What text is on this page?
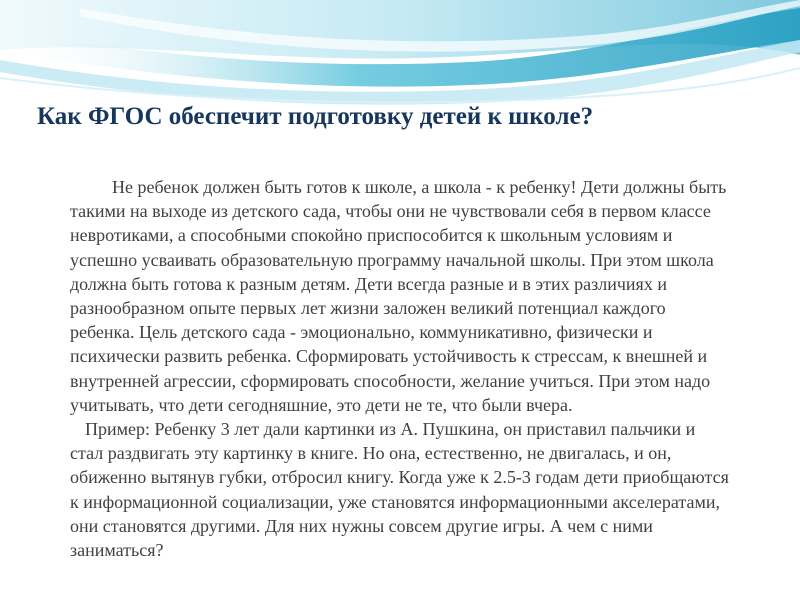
Как ФГОС обеспечит подготовку детей к школе?

Не ребенок должен быть готов к школе, а школа - к ребенку! Дети должны быть такими на выходе из детского сада, чтобы они не чувствовали себя в первом классе невротиками, а способными спокойно приспособится к школьным условиям и успешно усваивать образовательную программу начальной школы. При этом школа должна быть готова к разным детям. Дети всегда разные и в этих различиях и разнообразном опыте первых лет жизни заложен великий потенциал каждого ребенка. Цель детского сада - эмоционально, коммуникативно, физически и психически развить ребенка. Сформировать устойчивость к стрессам, к внешней и внутренней агрессии, сформировать способности, желание учиться. При этом надо учитывать, что дети сегодняшние, это дети не те, что были вчера.

Пример: Ребенку 3 лет дали картинки из А. Пушкина, он приставил пальчики и стал раздвигать эту картинку в книге. Но она, естественно, не двигалась, и он, обиженно вытянув губки, отбросил книгу. Когда уже к 2.5-3 годам дети приобщаются к информационной социализации, уже становятся информационными акселератами, они становятся другими. Для них нужны совсем другие игры. А чем с ними заниматься?
